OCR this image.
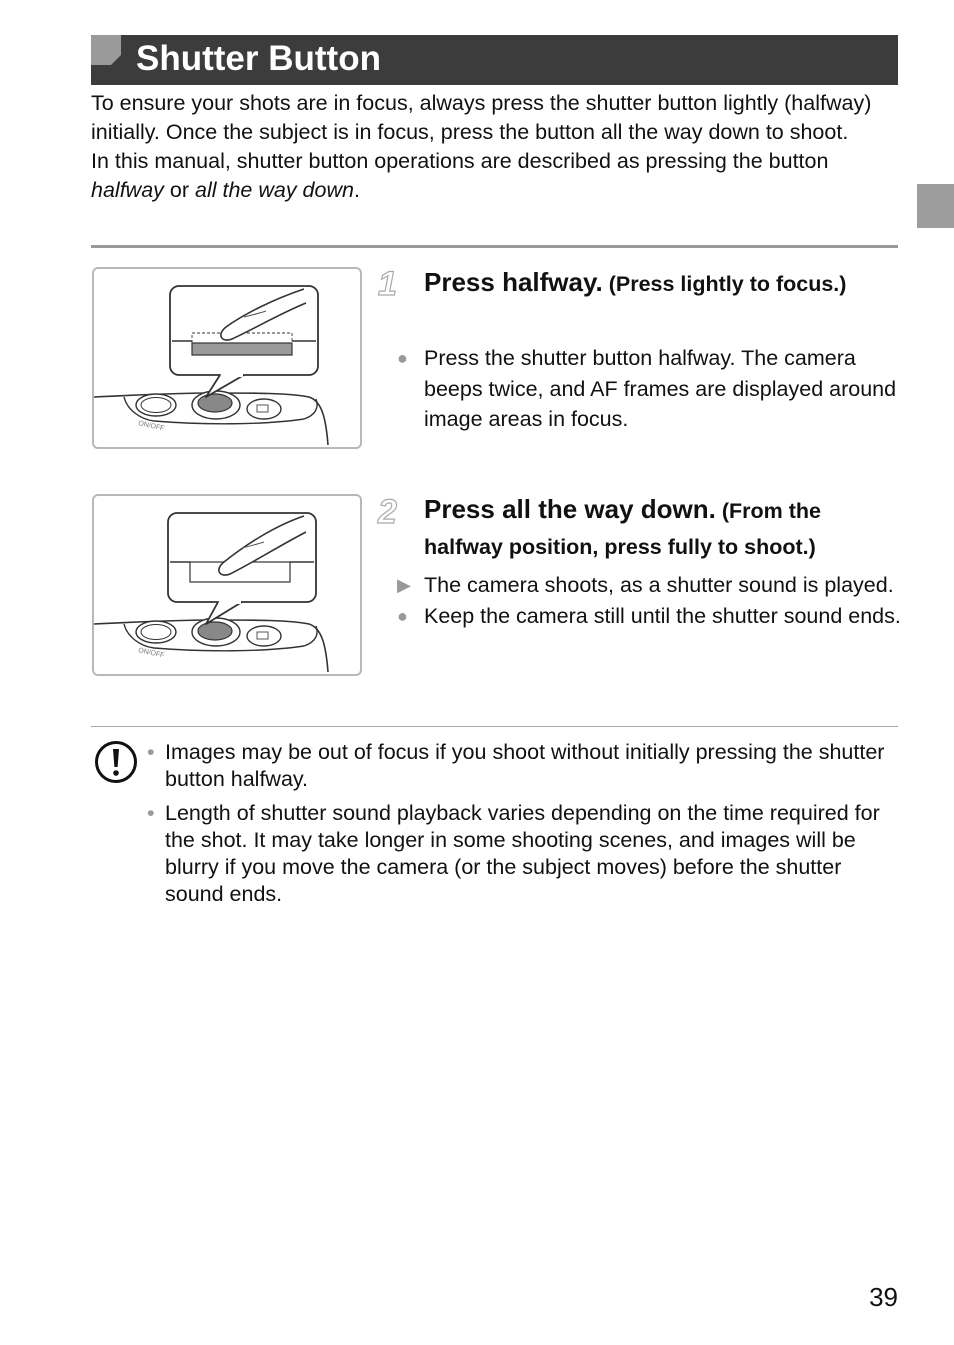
Shutter Button

To ensure your shots are in focus, always press the shutter button lightly (halfway) initially. Once the subject is in focus, press the button all the way down to shoot.

In this manual, shutter button operations are described as pressing the button halfway or all the way down.

ON/OFF
1 Press halfway. (Press lightly to focus.)

● Press the shutter button halfway. The camera beeps twice, and AF frames are displayed around image areas in focus.
ON/OFF
2 Press all the way down. (From the halfway position, press fully to shoot.)

▶ The camera shoots, as a shutter sound is played.
● Keep the camera still until the shutter sound ends.
• Images may be out of focus if you shoot without initially pressing the shutter button halfway.
• Length of shutter sound playback varies depending on the time required for the shot. It may take longer in some shooting scenes, and images will be blurry if you move the camera (or the subject moves) before the shutter sound ends.
39
